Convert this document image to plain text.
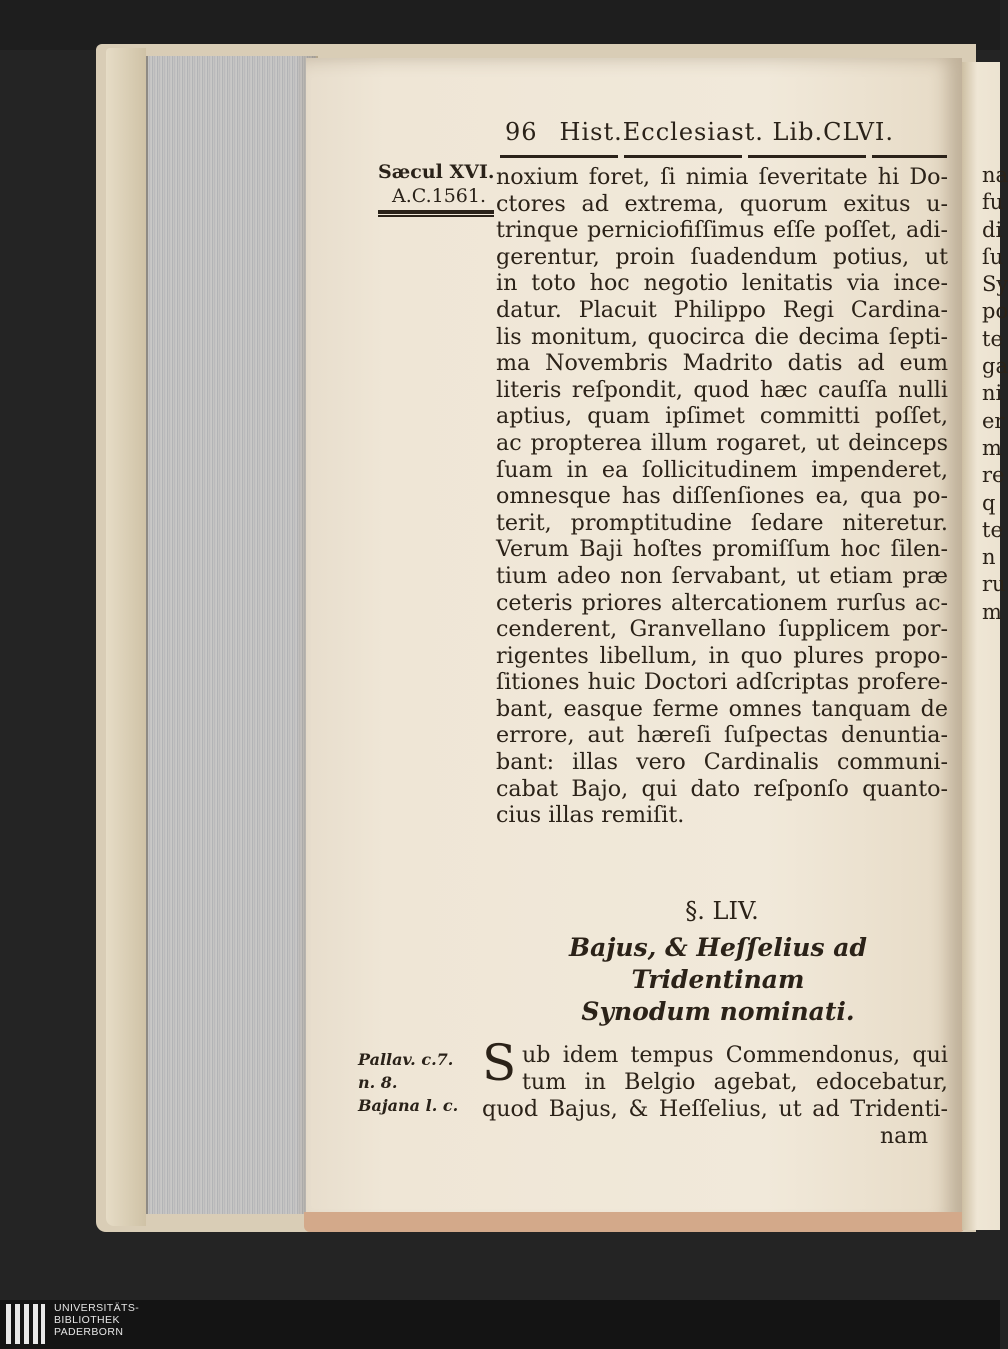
96 Hist.Ecclesiast. Lib.CLVI.
Sæcul XVI.
A.C.1561.
noxium foret, ſi nimia ſeveritate hi Do-
ctores ad extrema, quorum exitus u-
trinque perniciofiſſimus eſſe poſſet, adi-
gerentur, proin ſuadendum potius, ut
in toto hoc negotio lenitatis via ince-
datur. Placuit Philippo Regi Cardina-
lis monitum, quocirca die decima ſepti-
ma Novembris Madrito datis ad eum
literis reſpondit, quod hæc cauſſa nulli
aptius, quam ipſimet committi poſſet,
ac propterea illum rogaret, ut deinceps
ſuam in ea ſollicitudinem impenderet,
omnesque has diſſenſiones ea, qua po-
terit, promptitudine ſedare niteretur.
Verum Baji hoſtes promiſſum hoc ſilen-
tium adeo non ſervabant, ut etiam præ
ceteris priores altercationem rurſus ac-
cenderent, Granvellano ſupplicem por-
rigentes libellum, in quo plures propo-
ſitiones huic Doctori adſcriptas profere-
bant, easque ferme omnes tanquam de
errore, aut hæreſi ſuſpectas denuntia-
bant: illas vero Cardinalis communi-
cabat Bajo, qui dato reſponſo quanto-
cius illas remiſit.
§. LIV.
Bajus, & Heſſelius ad Tridentinam
Synodum nominati.
Pallav. c.7.
n. 8.
Bajana l. c.
S ub idem tempus Commendonus, qui
tum in Belgio agebat, edocebatur,
quod Bajus, & Heſſelius, ut ad Tridenti-
nam
na
fu
di
ſu
Sy
po
te
ga
ni
er
m
re
q
te
n
ru
m
UNIVERSITÄTS-
BIBLIOTHEK
PADERBORN
